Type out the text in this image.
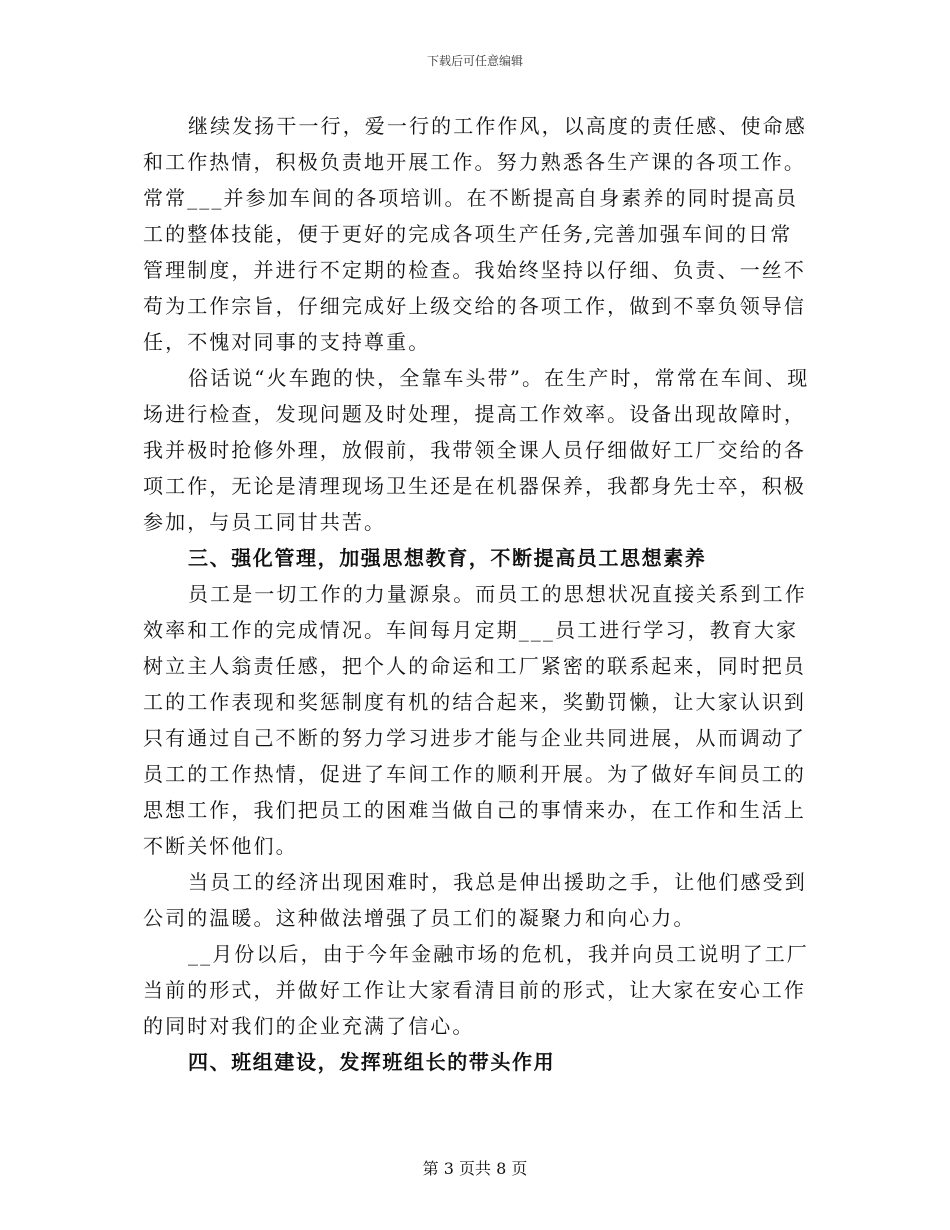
下载后可任意编辑

继续发扬干一行，爱一行的工作作风，以高度的责任感、使命感和工作热情，积极负责地开展工作。努力熟悉各生产课的各项工作。常常___并参加车间的各项培训。在不断提高自身素养的同时提高员工的整体技能，便于更好的完成各项生产任务,完善加强车间的日常管理制度，并进行不定期的检查。我始终坚持以仔细、负责、一丝不苟为工作宗旨，仔细完成好上级交给的各项工作，做到不辜负领导信任，不愧对同事的支持尊重。

俗话说“火车跑的快，全靠车头带”。在生产时，常常在车间、现场进行检查，发现问题及时处理，提高工作效率。设备出现故障时，我并极时抢修外理，放假前，我带领全课人员仔细做好工厂交给的各项工作，无论是清理现场卫生还是在机器保养，我都身先士卒，积极参加，与员工同甘共苦。

三、强化管理，加强思想教育，不断提高员工思想素养

员工是一切工作的力量源泉。而员工的思想状况直接关系到工作效率和工作的完成情况。车间每月定期___员工进行学习，教育大家树立主人翁责任感，把个人的命运和工厂紧密的联系起来，同时把员工的工作表现和奖惩制度有机的结合起来，奖勤罚懒，让大家认识到只有通过自己不断的努力学习进步才能与企业共同进展，从而调动了员工的工作热情，促进了车间工作的顺利开展。为了做好车间员工的思想工作，我们把员工的困难当做自己的事情来办，在工作和生活上不断关怀他们。

当员工的经济出现困难时，我总是伸出援助之手，让他们感受到公司的温暖。这种做法增强了员工们的凝聚力和向心力。

__月份以后，由于今年金融市场的危机，我并向员工说明了工厂当前的形式，并做好工作让大家看清目前的形式，让大家在安心工作的同时对我们的企业充满了信心。

四、班组建设，发挥班组长的带头作用
第 3 页共 8 页
